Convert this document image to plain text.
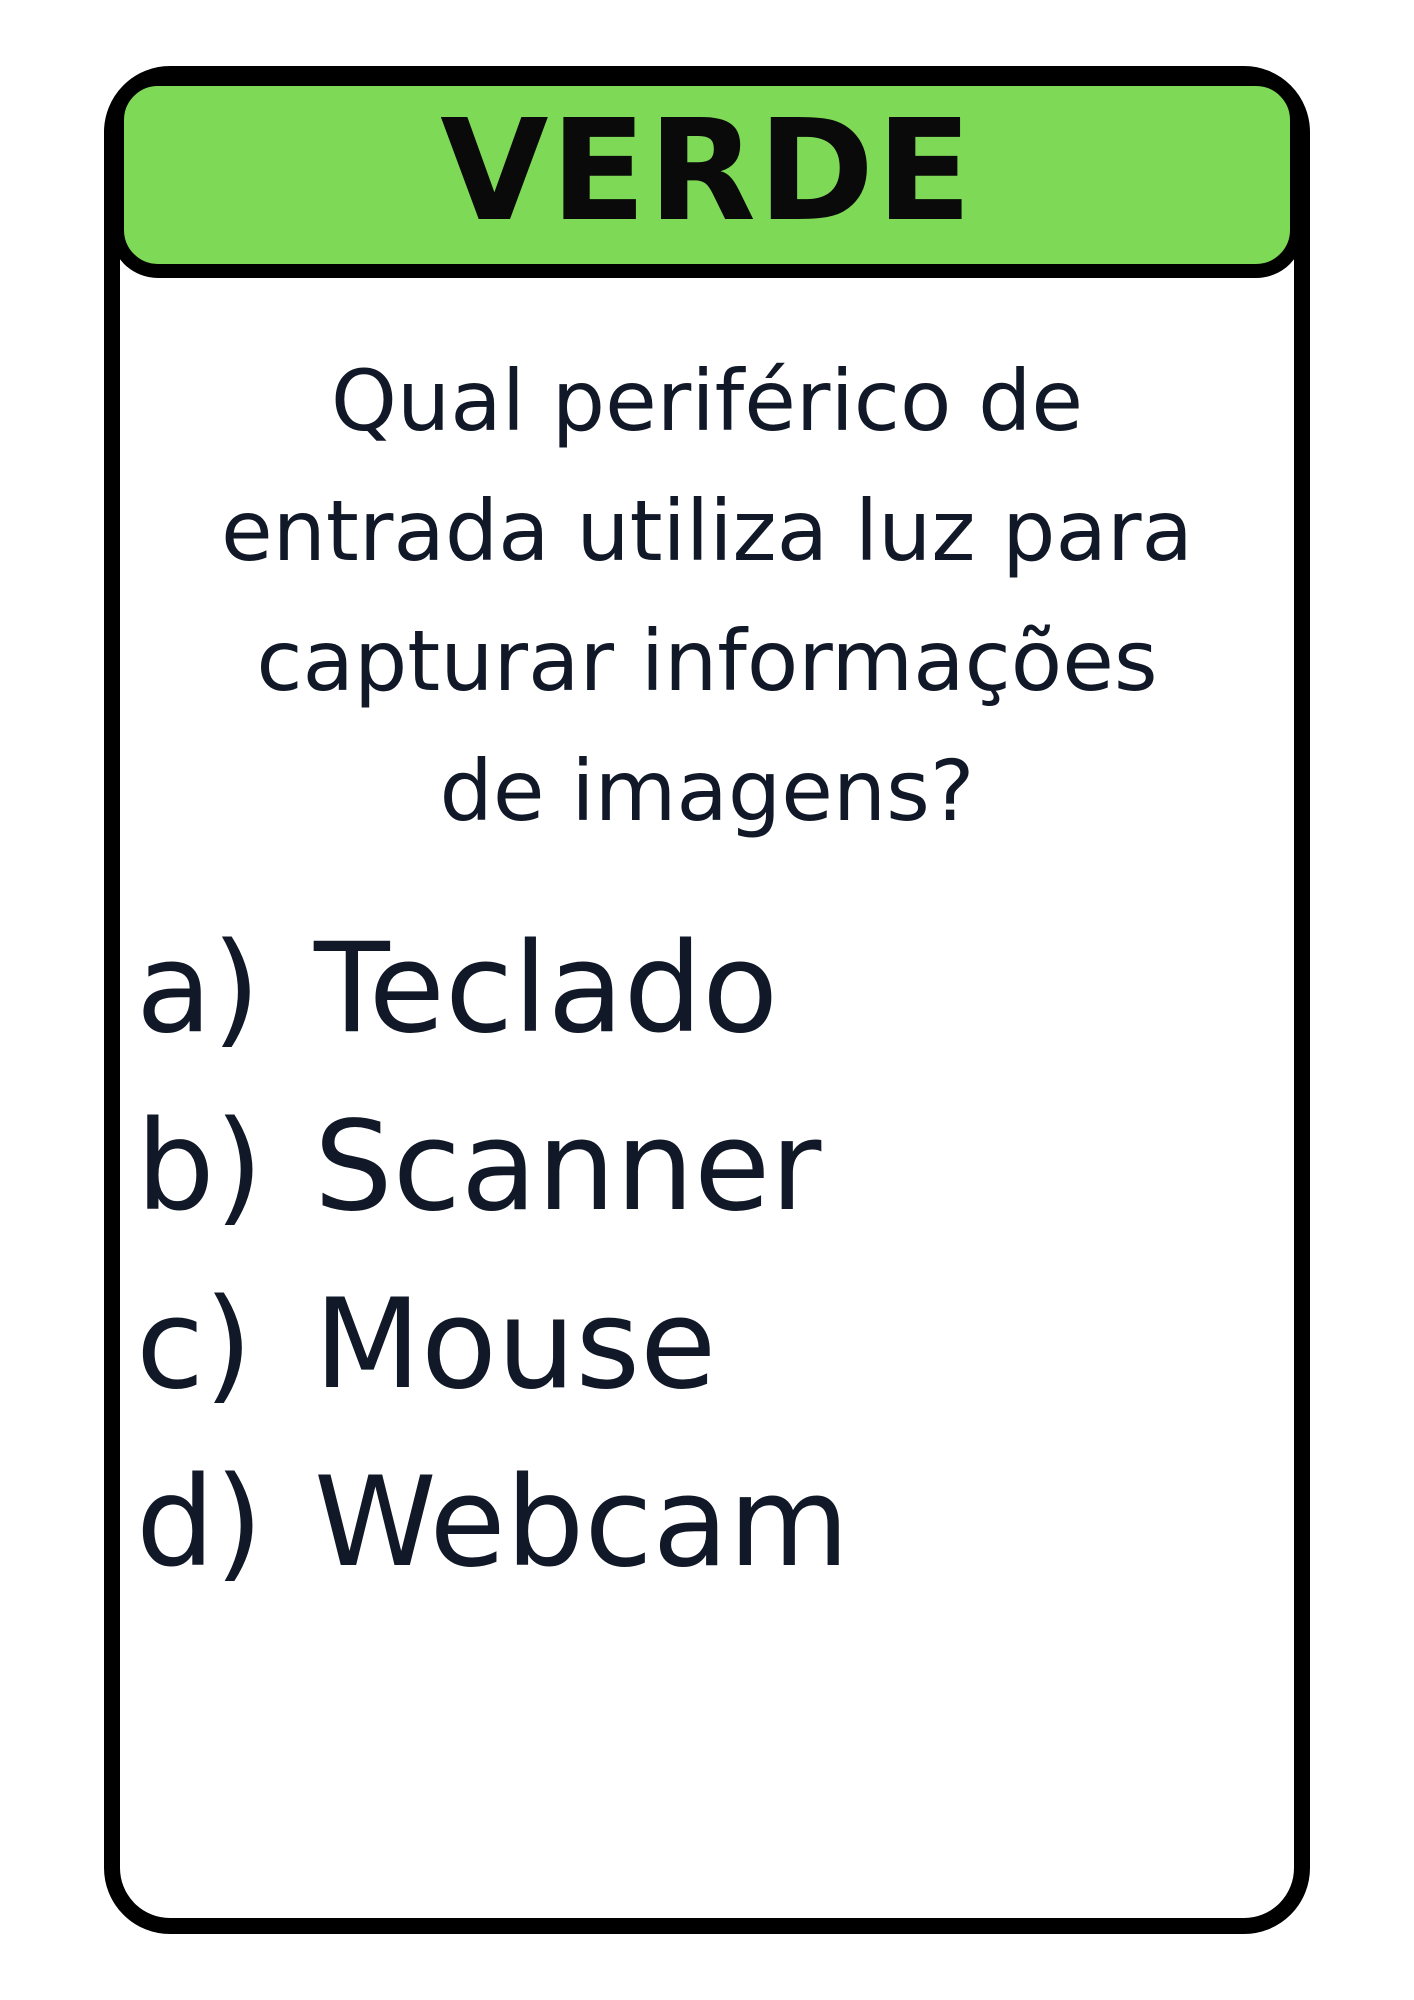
VERDE
Qual periférico de
entrada utiliza luz para
capturar informações
de imagens?
a) Teclado
b) Scanner
c) Mouse
d) Webcam
